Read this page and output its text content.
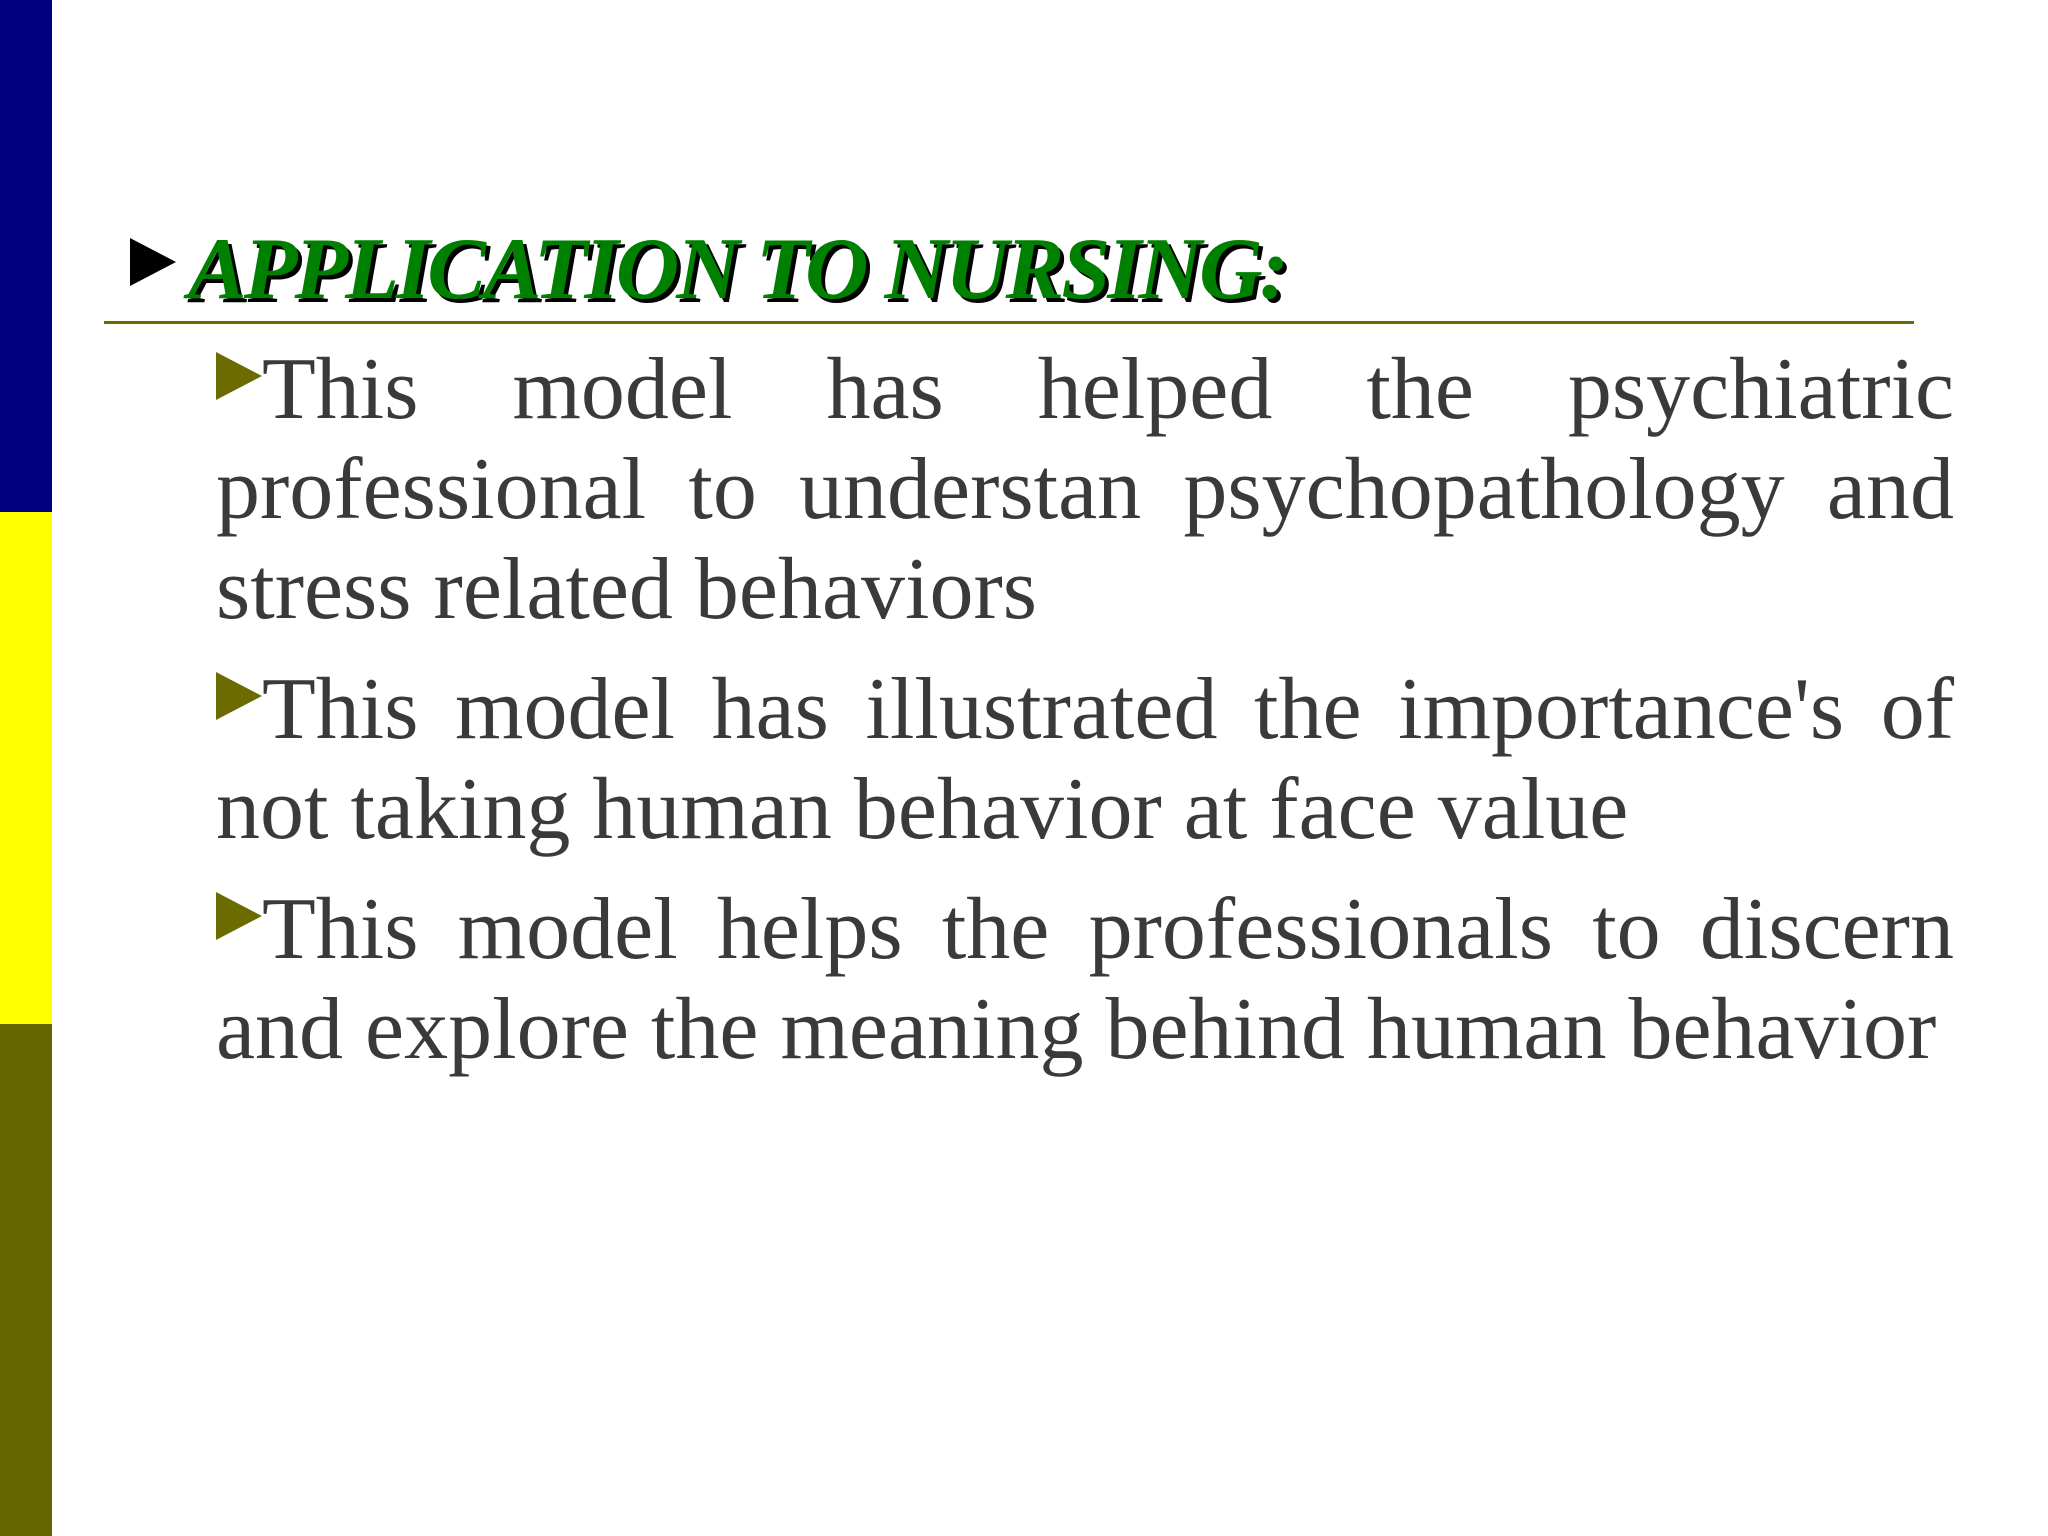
APPLICATION TO NURSING:

This model has helped the psychiatric professional to understan psychopathology and stress related behaviors

This model has illustrated the importance's of not taking human behavior at face value

This model helps the professionals to discern and explore the meaning behind human behavior
